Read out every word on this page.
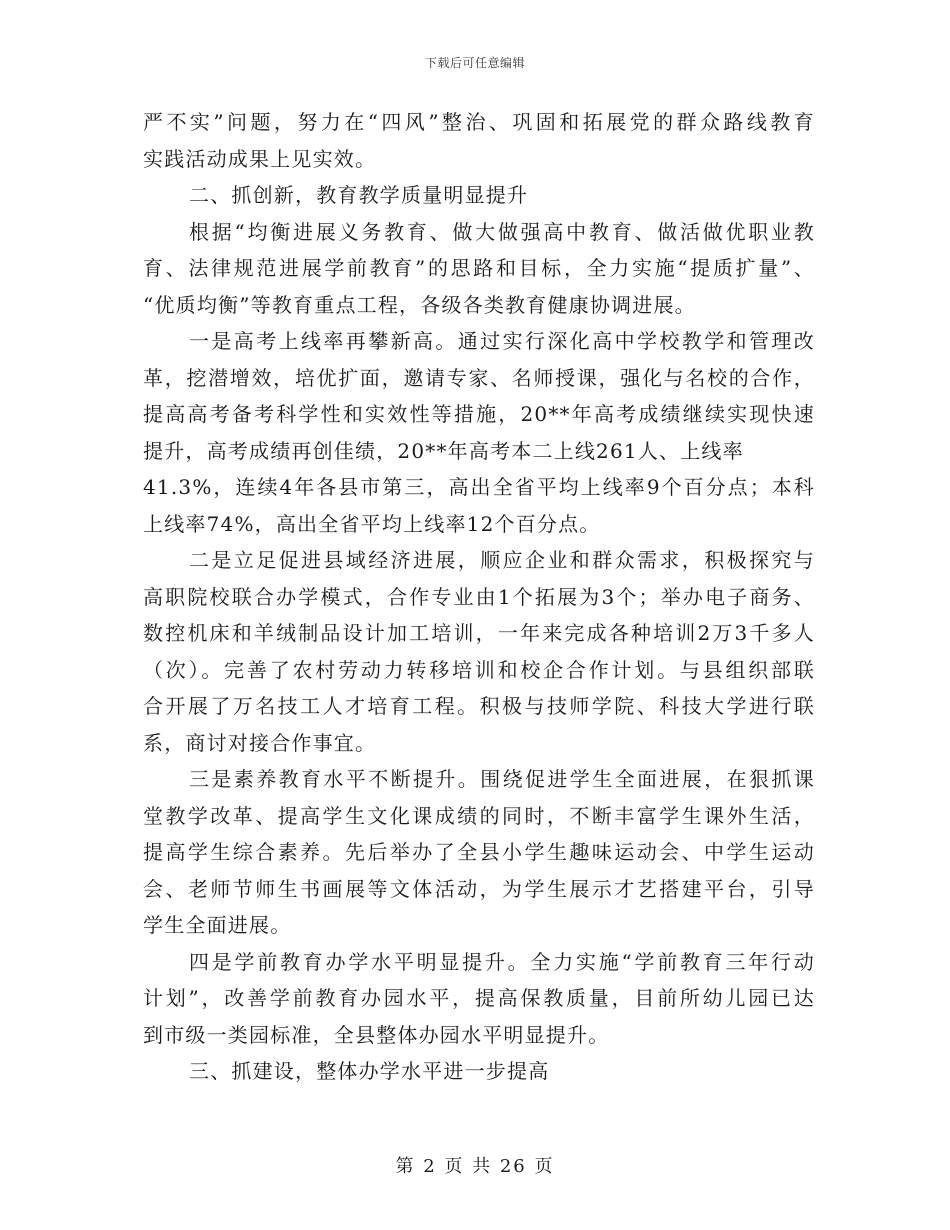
下载后可任意编辑
严不实”问题，努力在“四风”整治、巩固和拓展党的群众路线教育
实践活动成果上见实效。
二、抓创新，教育教学质量明显提升
根据“均衡进展义务教育、做大做强高中教育、做活做优职业教
育、法律规范进展学前教育”的思路和目标，全力实施“提质扩量”、
“优质均衡”等教育重点工程，各级各类教育健康协调进展。
一是高考上线率再攀新高。通过实行深化高中学校教学和管理改
革，挖潜增效，培优扩面，邀请专家、名师授课，强化与名校的合作，
提高高考备考科学性和实效性等措施，20**年高考成绩继续实现快速
提升，高考成绩再创佳绩，20**年高考本二上线261人、上线率
41.3%，连续4年各县市第三，高出全省平均上线率9个百分点；本科
上线率74%，高出全省平均上线率12个百分点。
二是立足促进县域经济进展，顺应企业和群众需求，积极探究与
高职院校联合办学模式，合作专业由1个拓展为3个；举办电子商务、
数控机床和羊绒制品设计加工培训，一年来完成各种培训2万3千多人
（次）。完善了农村劳动力转移培训和校企合作计划。与县组织部联
合开展了万名技工人才培育工程。积极与技师学院、科技大学进行联
系，商讨对接合作事宜。
三是素养教育水平不断提升。围绕促进学生全面进展，在狠抓课
堂教学改革、提高学生文化课成绩的同时，不断丰富学生课外生活，
提高学生综合素养。先后举办了全县小学生趣味运动会、中学生运动
会、老师节师生书画展等文体活动，为学生展示才艺搭建平台，引导
学生全面进展。
四是学前教育办学水平明显提升。全力实施“学前教育三年行动
计划”，改善学前教育办园水平，提高保教质量，目前所幼儿园已达
到市级一类园标准，全县整体办园水平明显提升。
三、抓建设，整体办学水平进一步提高
第 2 页 共 26 页
